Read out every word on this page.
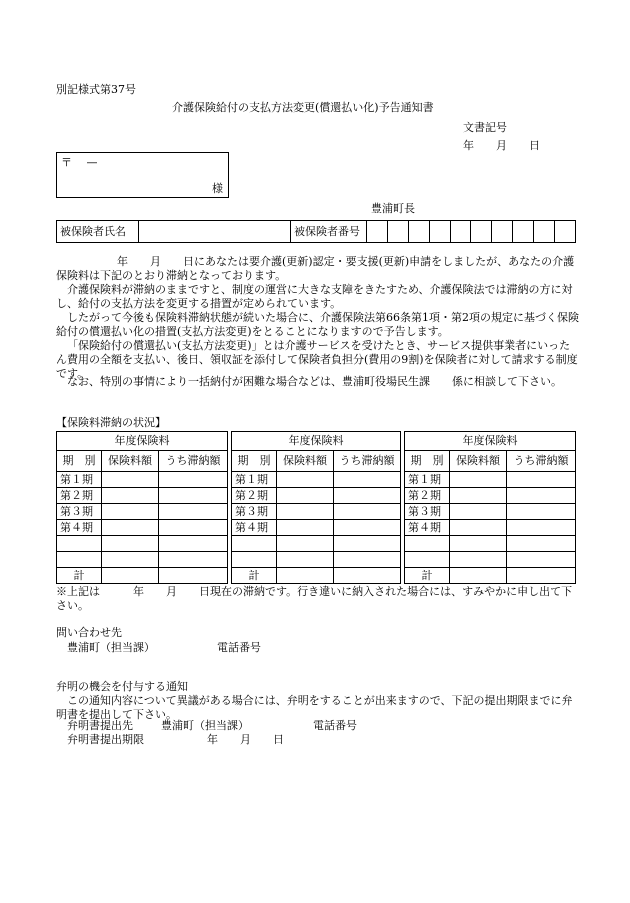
別記様式第37号
介護保険給付の支払方法変更(償還払い化)予告通知書
文書記号
年　　月　　日
〒　 —
様
豊浦町長
被保険者氏名		被保険者番号										
年　　月　　日にあなたは要介護(更新)認定・要支援(更新)申請をしましたが、あなたの介護保険料は下記のとおり滞納となっております。
介護保険料が滞納のままですと、制度の運営に大きな支障をきたすため、介護保険法では滞納の方に対し、給付の支払方法を変更する措置が定められています。
したがって今後も保険料滞納状態が続いた場合に、介護保険法第66条第1項・第2項の規定に基づく保険給付の償還払い化の措置(支払方法変更)をとることになりますので予告します。
「保険給付の償還払い(支払方法変更)」とは介護サービスを受けたとき、サービス提供事業者にいったん費用の全額を支払い、後日、領収証を添付して保険者負担分(費用の9割)を保険者に対して請求する制度です。
なお、特別の事情により一括納付が困難な場合などは、豊浦町役場民生課　　係に相談して下さい。
【保険料滞納の状況】
年度保険料		
期　別	保険料額	うち滞納額
第１期		
第２期		
第３期		
第４期		

計		
年度保険料		
期　別	保険料額	うち滞納額
第１期		
第２期		
第３期		
第４期		

計		
年度保険料		
期　別	保険料額	うち滞納額
第１期		
第２期		
第３期		
第４期		

計		
※上記は　　　年　　月　　日現在の滞納です。行き違いに納入された場合には、すみやかに申し出て下さい。
問い合わせ先
豊浦町（担当課）	電話番号
弁明の機会を付与する通知
この通知内容について異議がある場合には、弁明をすることが出来ますので、下記の提出期限までに弁明書を提出して下さい。
弁明書提出先	豊浦町（担当課）	電話番号
弁明書提出期限	年　　月　　日
